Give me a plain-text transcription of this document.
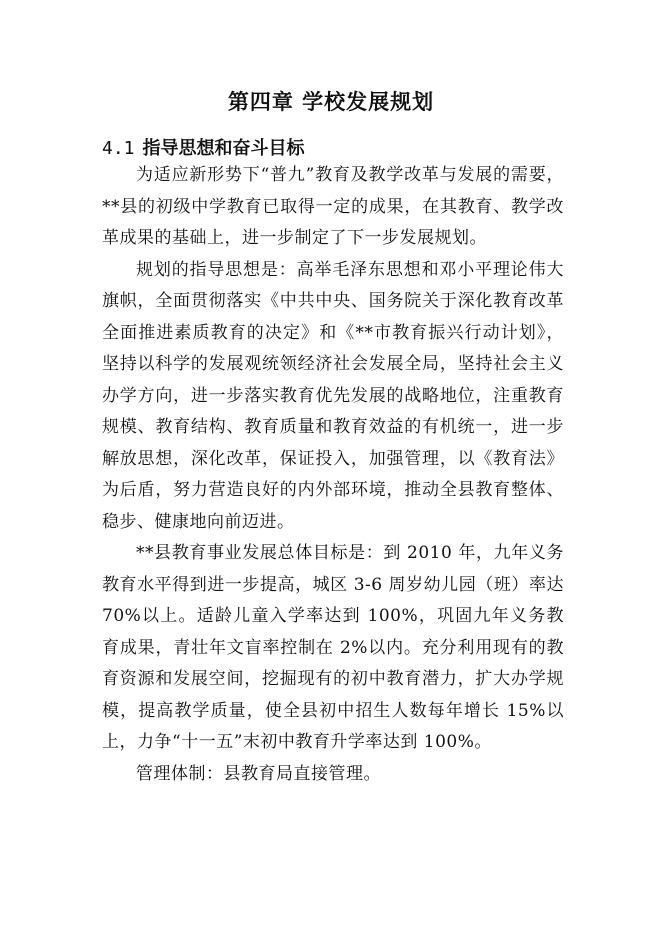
第四章 学校发展规划
4.1 指导思想和奋斗目标

为适应新形势下“普九”教育及教学改革与发展的需要，**县的初级中学教育已取得一定的成果，在其教育、教学改革成果的基础上，进一步制定了下一步发展规划。

规划的指导思想是：高举毛泽东思想和邓小平理论伟大旗帜，全面贯彻落实《中共中央、国务院关于深化教育改革全面推进素质教育的决定》和《**市教育振兴行动计划》，坚持以科学的发展观统领经济社会发展全局，坚持社会主义办学方向，进一步落实教育优先发展的战略地位，注重教育规模、教育结构、教育质量和教育效益的有机统一，进一步解放思想，深化改革，保证投入，加强管理，以《教育法》为后盾，努力营造良好的内外部环境，推动全县教育整体、稳步、健康地向前迈进。

**县教育事业发展总体目标是：到 2010 年，九年义务教育水平得到进一步提高，城区 3-6 周岁幼儿园（班）率达 70%以上。适龄儿童入学率达到 100%，巩固九年义务教育成果，青壮年文盲率控制在 2%以内。充分利用现有的教育资源和发展空间，挖掘现有的初中教育潜力，扩大办学规模，提高教学质量，使全县初中招生人数每年增长 15%以上，力争“十一五”末初中教育升学率达到 100%。

管理体制：县教育局直接管理。
